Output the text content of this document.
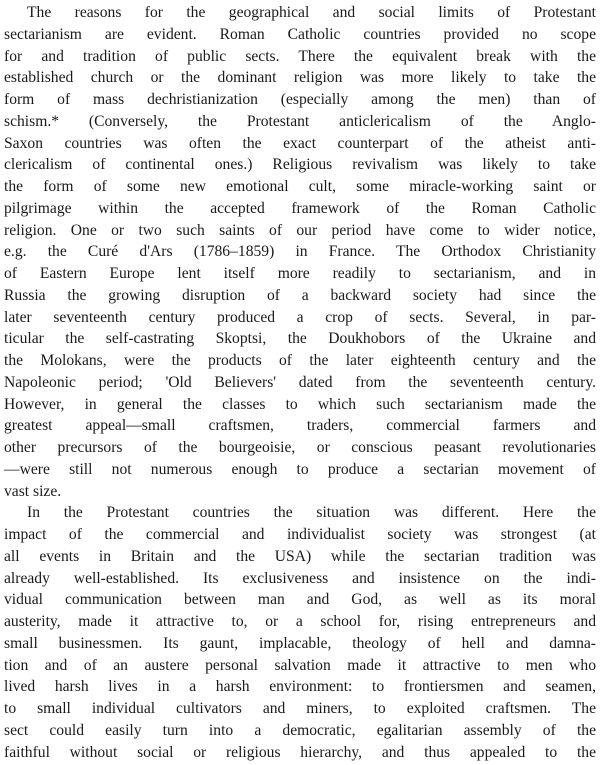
The reasons for the geographical and social limits of Protestant
sectarianism are evident. Roman Catholic countries provided no scope
for and tradition of public sects. There the equivalent break with the
established church or the dominant religion was more likely to take the
form of mass dechristianization (especially among the men) than of
schism.* (Conversely, the Protestant anticlericalism of the Anglo-
Saxon countries was often the exact counterpart of the atheist anti-
clericalism of continental ones.) Religious revivalism was likely to take
the form of some new emotional cult, some miracle-working saint or
pilgrimage within the accepted framework of the Roman Catholic
religion. One or two such saints of our period have come to wider notice,
e.g. the Curé d'Ars (1786–1859) in France. The Orthodox Christianity
of Eastern Europe lent itself more readily to sectarianism, and in
Russia the growing disruption of a backward society had since the
later seventeenth century produced a crop of sects. Several, in par-
ticular the self-castrating Skoptsi, the Doukhobors of the Ukraine and
the Molokans, were the products of the later eighteenth century and the
Napoleonic period; 'Old Believers' dated from the seventeenth century.
However, in general the classes to which such sectarianism made the
greatest appeal—small craftsmen, traders, commercial farmers and
other precursors of the bourgeoisie, or conscious peasant revolutionaries
—were still not numerous enough to produce a sectarian movement of
vast size.
In the Protestant countries the situation was different. Here the
impact of the commercial and individualist society was strongest (at
all events in Britain and the USA) while the sectarian tradition was
already well-established. Its exclusiveness and insistence on the indi-
vidual communication between man and God, as well as its moral
austerity, made it attractive to, or a school for, rising entrepreneurs and
small businessmen. Its gaunt, implacable, theology of hell and damna-
tion and of an austere personal salvation made it attractive to men who
lived harsh lives in a harsh environment: to frontiersmen and seamen,
to small individual cultivators and miners, to exploited craftsmen. The
sect could easily turn into a democratic, egalitarian assembly of the
faithful without social or religious hierarchy, and thus appealed to the
